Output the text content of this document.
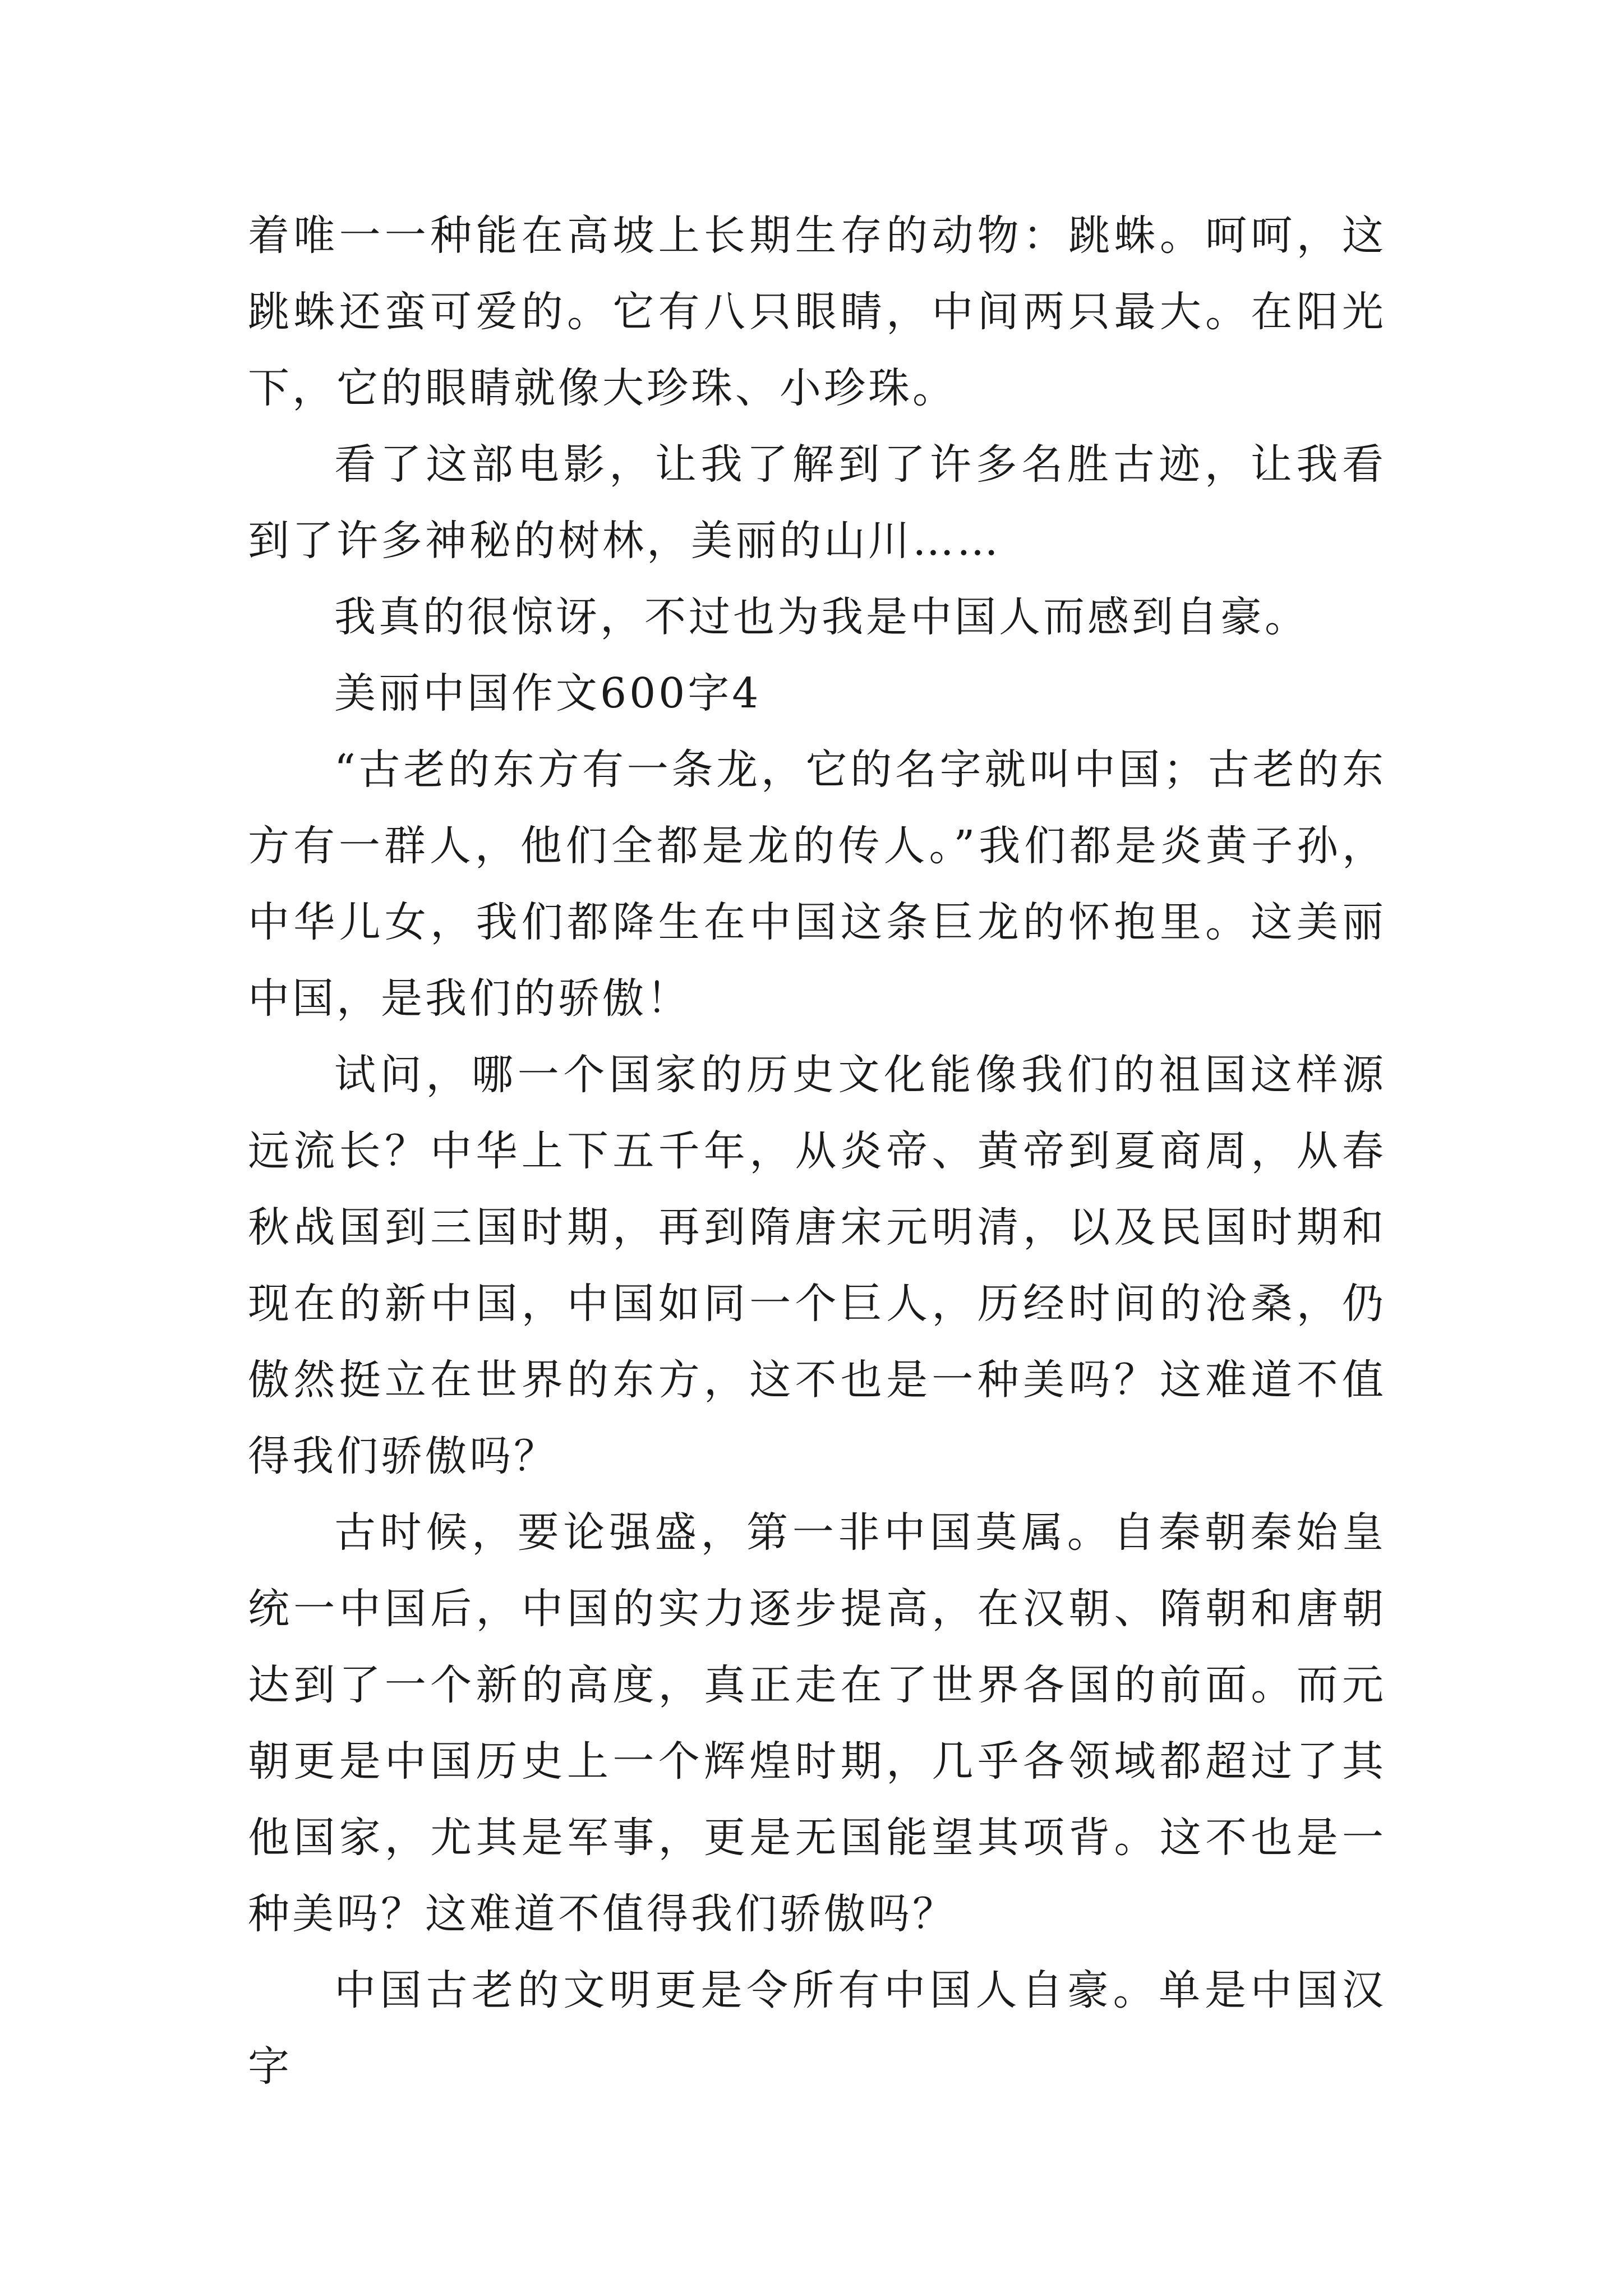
着唯一一种能在高坡上长期生存的动物：跳蛛。呵呵，这跳蛛还蛮可爱的。它有八只眼睛，中间两只最大。在阳光下，它的眼睛就像大珍珠、小珍珠。

看了这部电影，让我了解到了许多名胜古迹，让我看到了许多神秘的树林，美丽的山川……

我真的很惊讶，不过也为我是中国人而感到自豪。

美丽中国作文600字4

“古老的东方有一条龙，它的名字就叫中国；古老的东方有一群人，他们全都是龙的传人。”我们都是炎黄子孙，中华儿女，我们都降生在中国这条巨龙的怀抱里。这美丽中国，是我们的骄傲！

试问，哪一个国家的历史文化能像我们的祖国这样源远流长？中华上下五千年，从炎帝、黄帝到夏商周，从春秋战国到三国时期，再到隋唐宋元明清，以及民国时期和现在的新中国，中国如同一个巨人，历经时间的沧桑，仍傲然挺立在世界的东方，这不也是一种美吗？这难道不值得我们骄傲吗？

古时候，要论强盛，第一非中国莫属。自秦朝秦始皇统一中国后，中国的实力逐步提高，在汉朝、隋朝和唐朝达到了一个新的高度，真正走在了世界各国的前面。而元朝更是中国历史上一个辉煌时期，几乎各领域都超过了其他国家，尤其是军事，更是无国能望其项背。这不也是一种美吗？这难道不值得我们骄傲吗？

中国古老的文明更是令所有中国人自豪。单是中国汉字
